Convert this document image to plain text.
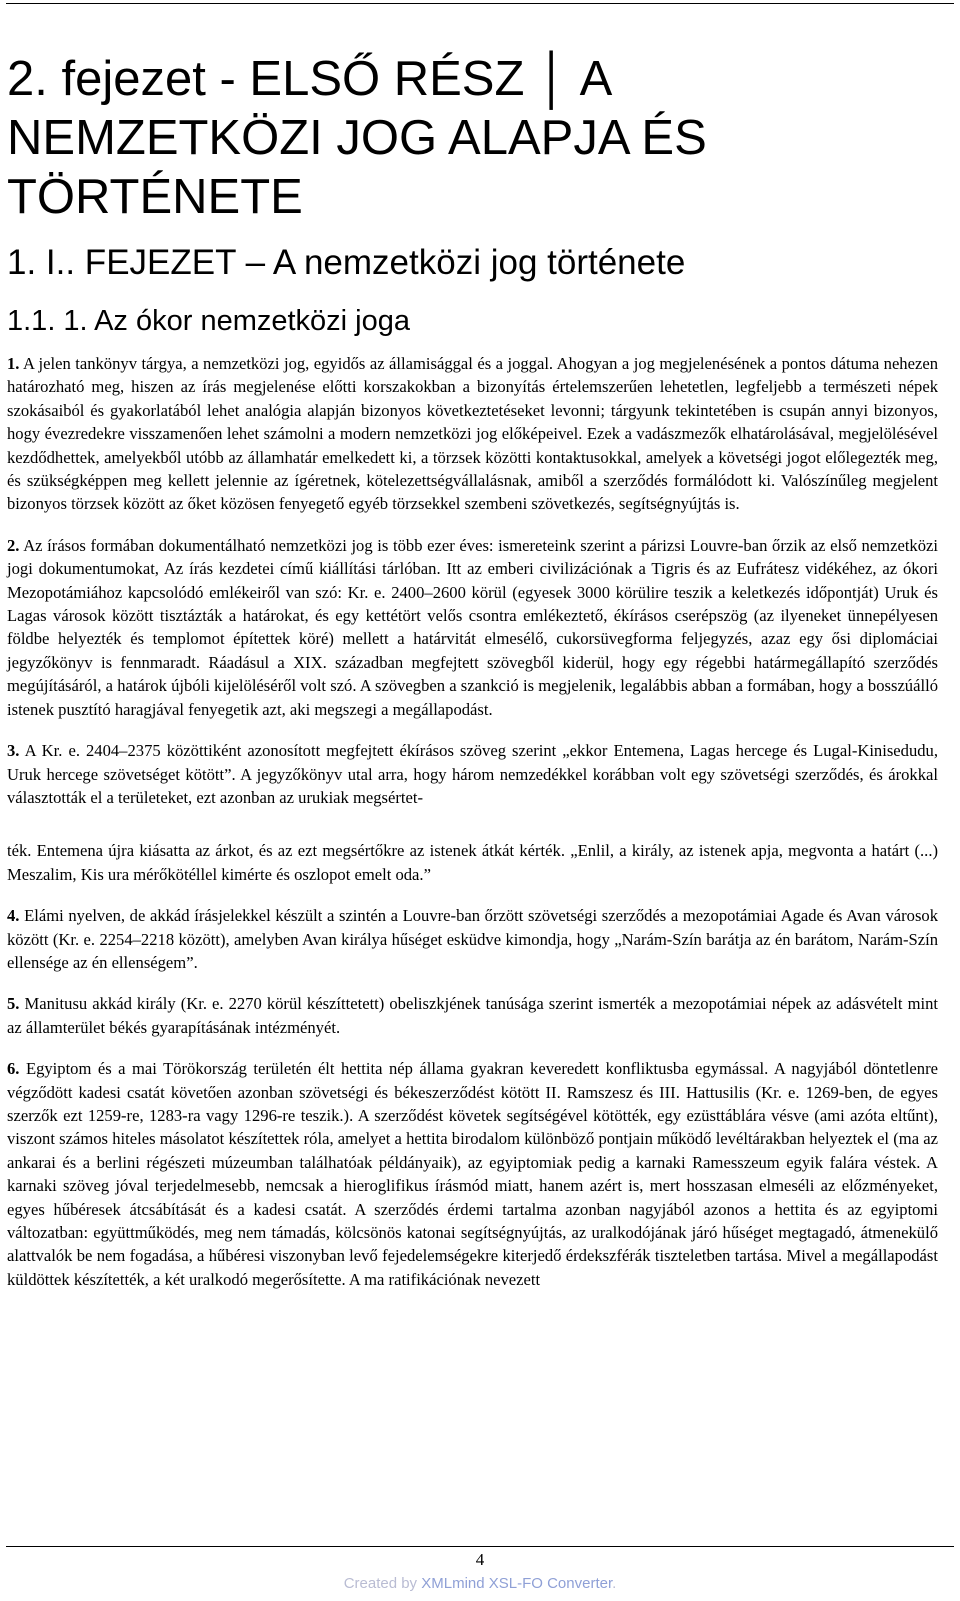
2. fejezet - ELSŐ RÉSZ │ A NEMZETKÖZI JOG ALAPJA ÉS TÖRTÉNETE
1. I.. FEJEZET – A nemzetközi jog története
1.1. 1. Az ókor nemzetközi joga

1. A jelen tankönyv tárgya, a nemzetközi jog, egyidős az államisággal és a joggal. Ahogyan a jog megjelenésének a pontos dátuma nehezen határozható meg, hiszen az írás megjelenése előtti korszakokban a bizonyítás értelemszerűen lehetetlen, legfeljebb a természeti népek szokásaiból és gyakorlatából lehet analógia alapján bizonyos következtetéseket levonni; tárgyunk tekintetében is csupán annyi bizonyos, hogy évezredekre visszamenően lehet számolni a modern nemzetközi jog előképeivel. Ezek a vadászmezők elhatárolásával, megjelölésével kezdődhettek, amelyekből utóbb az államhatár emelkedett ki, a törzsek közötti kontaktusokkal, amelyek a követségi jogot előlegezték meg, és szükségképpen meg kellett jelennie az ígéretnek, kötelezettségvállalásnak, amiből a szerződés formálódott ki. Valószínűleg megjelent bizonyos törzsek között az őket közösen fenyegető egyéb törzsekkel szembeni szövetkezés, segítségnyújtás is.

2. Az írásos formában dokumentálható nemzetközi jog is több ezer éves: ismereteink szerint a párizsi Louvre-ban őrzik az első nemzetközi jogi dokumentumokat, Az írás kezdetei című kiállítási tárlóban. Itt az emberi civilizációnak a Tigris és az Eufrátesz vidékéhez, az ókori Mezopotámiához kapcsolódó emlékeiről van szó: Kr. e. 2400–2600 körül (egyesek 3000 körülire teszik a keletkezés időpontját) Uruk és Lagas városok között tisztázták a határokat, és egy kettétört velős csontra emlékeztető, ékírásos cserépszög (az ilyeneket ünnepélyesen földbe helyezték és templomot építettek köré) mellett a határvitát elmesélő, cukorsüvegforma feljegyzés, azaz egy ősi diplomáciai jegyzőkönyv is fennmaradt. Ráadásul a XIX. században megfejtett szövegből kiderül, hogy egy régebbi határmegállapító szerződés megújításáról, a határok újbóli kijelöléséről volt szó. A szövegben a szankció is megjelenik, legalábbis abban a formában, hogy a bosszúálló istenek pusztító haragjával fenyegetik azt, aki megszegi a megállapodást.

3. A Kr. e. 2404–2375 közöttiként azonosított megfejtett ékírásos szöveg szerint „ekkor Entemena, Lagas hercege és Lugal-Kinisedudu, Uruk hercege szövetséget kötött”. A jegyzőkönyv utal arra, hogy három nemzedékkel korábban volt egy szövetségi szerződés, és árokkal választották el a területeket, ezt azonban az urukiak megsértet-

ték. Entemena újra kiásatta az árkot, és az ezt megsértőkre az istenek átkát kérték. „Enlil, a király, az istenek apja, megvonta a határt (...) Meszalim, Kis ura mérőkötéllel kimérte és oszlopot emelt oda.”

4. Elámi nyelven, de akkád írásjelekkel készült a szintén a Louvre-ban őrzött szövetségi szerződés a mezopotámiai Agade és Avan városok között (Kr. e. 2254–2218 között), amelyben Avan királya hűséget esküdve kimondja, hogy „Narám-Szín barátja az én barátom, Narám-Szín ellensége az én ellenségem”.

5. Manitusu akkád király (Kr. e. 2270 körül készíttetett) obeliszkjének tanúsága szerint ismerték a mezopotámiai népek az adásvételt mint az államterület békés gyarapításának intézményét.

6. Egyiptom és a mai Törökország területén élt hettita nép állama gyakran keveredett konfliktusba egymással. A nagyjából döntetlenre végződött kadesi csatát követően azonban szövetségi és békeszerződést kötött II. Ramszesz és III. Hattusilis (Kr. e. 1269-ben, de egyes szerzők ezt 1259-re, 1283-ra vagy 1296-re teszik.). A szerződést követek segítségével kötötték, egy ezüsttáblára vésve (ami azóta eltűnt), viszont számos hiteles másolatot készítettek róla, amelyet a hettita birodalom különböző pontjain működő levéltárakban helyeztek el (ma az ankarai és a berlini régészeti múzeumban találhatóak példányaik), az egyiptomiak pedig a karnaki Ramesszeum egyik falára véstek. A karnaki szöveg jóval terjedelmesebb, nemcsak a hieroglifikus írásmód miatt, hanem azért is, mert hosszasan elmeséli az előzményeket, egyes hűbéresek átcsábítását és a kadesi csatát. A szerződés érdemi tartalma azonban nagyjából azonos a hettita és az egyiptomi változatban: együttműködés, meg nem támadás, kölcsönös katonai segítségnyújtás, az uralkodójának járó hűséget megtagadó, átmenekülő alattvalók be nem fogadása, a hűbéresi viszonyban levő fejedelemségekre kiterjedő érdekszférák tiszteletben tartása. Mivel a megállapodást küldöttek készítették, a két uralkodó megerősítette. A ma ratifikációnak nevezett

4
Created by XMLmind XSL-FO Converter.
